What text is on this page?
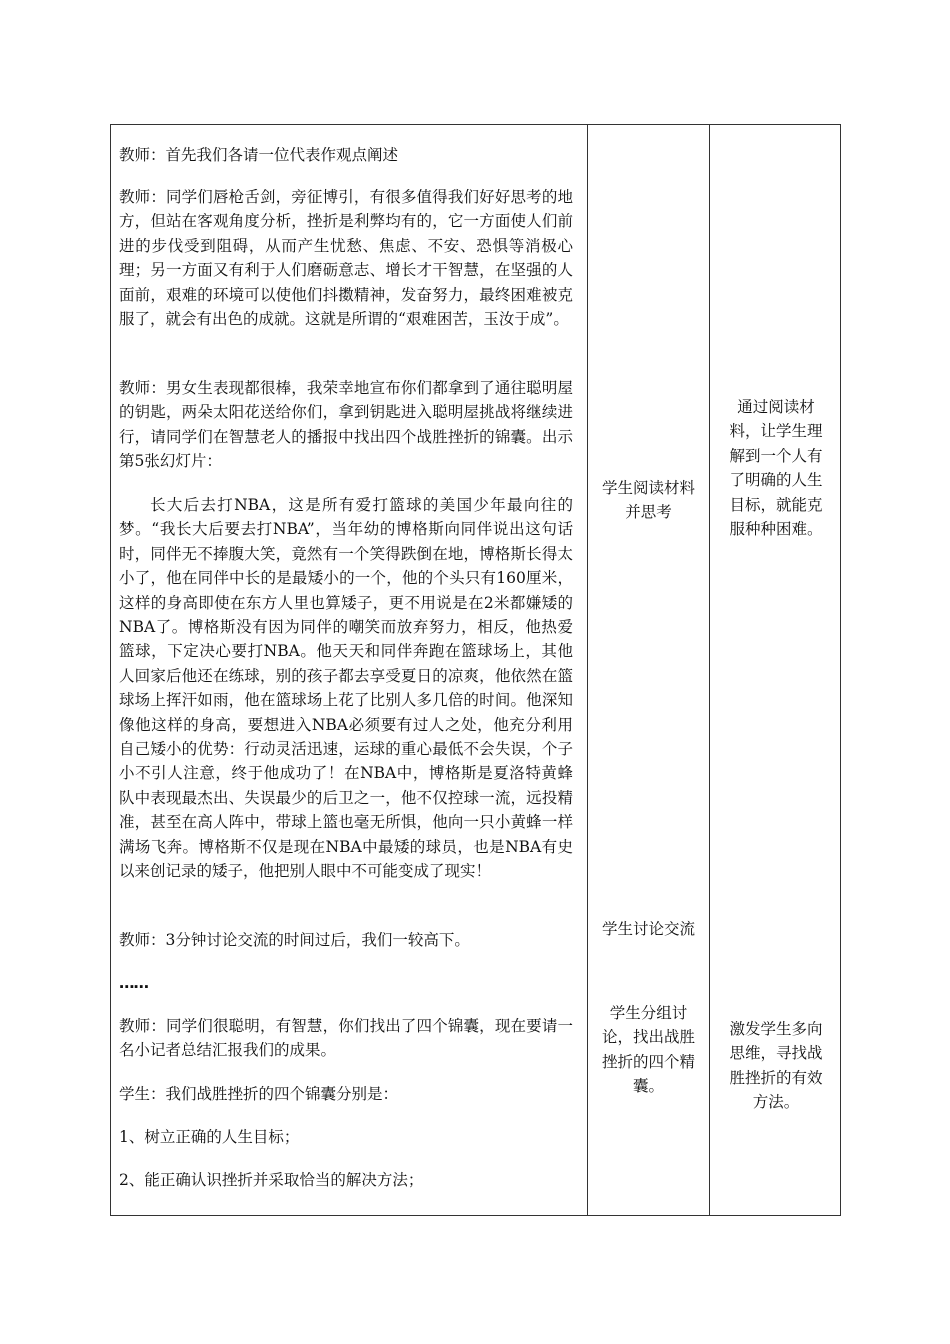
教师：首先我们各请一位代表作观点阐述

教师：同学们唇枪舌剑，旁征博引，有很多值得我们好好思考的地方，但站在客观角度分析，挫折是利弊均有的，它一方面使人们前进的步伐受到阻碍，从而产生忧愁、焦虑、不安、恐惧等消极心理；另一方面又有利于人们磨砺意志、增长才干智慧，在坚强的人面前，艰难的环境可以使他们抖擞精神，发奋努力，最终困难被克服了，就会有出色的成就。这就是所谓的“艰难困苦，玉汝于成”。

教师：男女生表现都很棒，我荣幸地宣布你们都拿到了通往聪明屋的钥匙，两朵太阳花送给你们，拿到钥匙进入聪明屋挑战将继续进行，请同学们在智慧老人的播报中找出四个战胜挫折的锦囊。出示第5张幻灯片：

长大后去打NBA，这是所有爱打篮球的美国少年最向往的梦。“我长大后要去打NBA”，当年幼的博格斯向同伴说出这句话时，同伴无不捧腹大笑，竟然有一个笑得跌倒在地，博格斯长得太小了，他在同伴中长的是最矮小的一个，他的个头只有160厘米，这样的身高即使在东方人里也算矮子，更不用说是在2米都嫌矮的NBA了。博格斯没有因为同伴的嘲笑而放弃努力，相反，他热爱篮球，下定决心要打NBA。他天天和同伴奔跑在篮球场上，其他人回家后他还在练球，别的孩子都去享受夏日的凉爽，他依然在篮球场上挥汗如雨，他在篮球场上花了比别人多几倍的时间。他深知像他这样的身高，要想进入NBA必须要有过人之处，他充分利用自己矮小的优势：行动灵活迅速，运球的重心最低不会失误，个子小不引人注意，终于他成功了！在NBA中，博格斯是夏洛特黄蜂队中表现最杰出、失误最少的后卫之一，他不仅控球一流，远投精准，甚至在高人阵中，带球上篮也毫无所惧，他向一只小黄蜂一样满场飞奔。博格斯不仅是现在NBA中最矮的球员，也是NBA有史以来创记录的矮子，他把别人眼中不可能变成了现实！

教师：3分钟讨论交流的时间过后，我们一较高下。

……

教师：同学们很聪明，有智慧，你们找出了四个锦囊，现在要请一名小记者总结汇报我们的成果。

学生：我们战胜挫折的四个锦囊分别是：

1、树立正确的人生目标；

2、能正确认识挫折并采取恰当的解决方法；

学生阅读材料并思考
学生讨论交流
学生分组讨论，找出战胜挫折的四个精囊。
通过阅读材料，让学生理解到一个人有了明确的人生目标，就能克服种种困难。
激发学生多向思维，寻找战胜挫折的有效方法。
